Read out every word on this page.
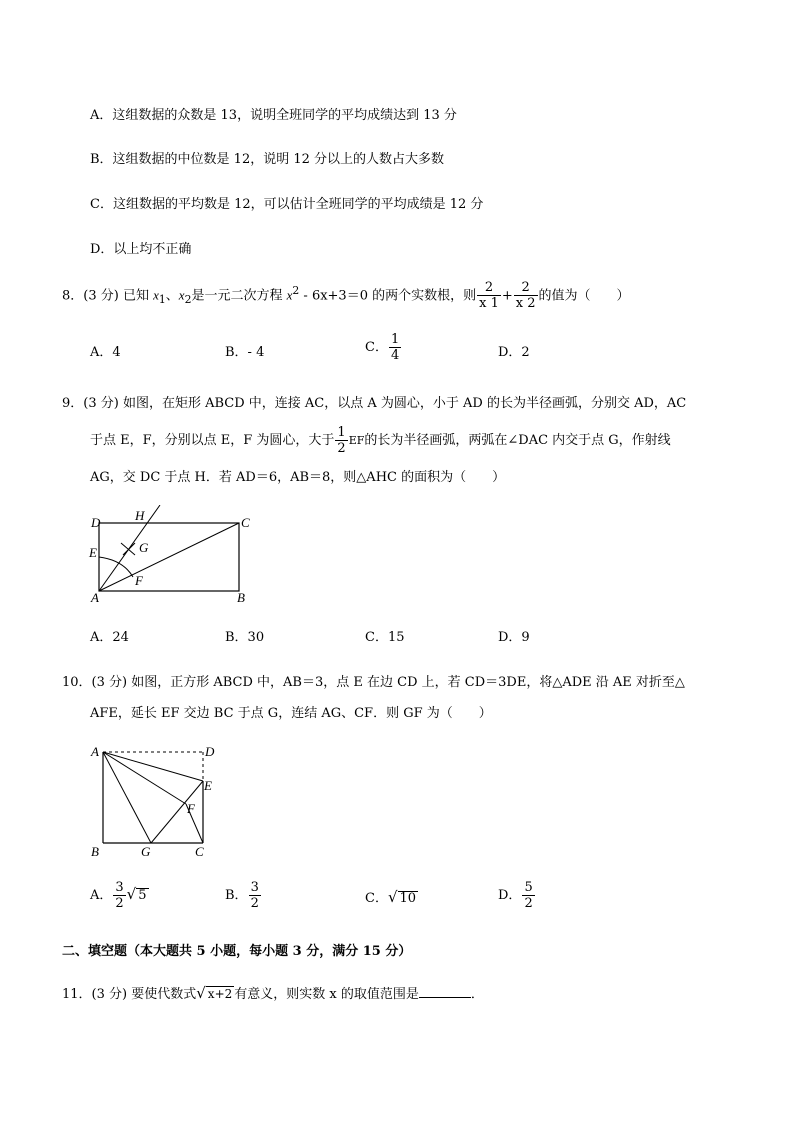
A．这组数据的众数是 13，说明全班同学的平均成绩达到 13 分
B．这组数据的中位数是 12，说明 12 分以上的人数占大多数
C．这组数据的平均数是 12，可以估计全班同学的平均成绩是 12 分
D．以上均不正确
8．(3 分) 已知 $x_1$、$x_2$是一元二次方程 $x^2 - 6x+3=0$ 的两个实数根，则 $\frac{2}{x 1} + \frac{2}{x 2}$ 的值为（　　）
A．4	B．- 4	C． $\frac{1}{4}$	D．2
9．(3 分) 如图，在矩形 ABCD 中，连接 AC，以点 A 为圆心，小于 AD 的长为半径画弧，分别交 AD，AC
于点 E，F，分别以点 E，F 为圆心，大于 $\frac{1}{2}$ EF的长为半径画弧，两弧在∠DAC 内交于点 G，作射线
AG，交 DC 于点 H．若 AD＝6，AB＝8，则△AHC 的面积为（　　）
D	H	C
E	G
F
A	B
A．24	B．30	C．15	D．9
10．(3 分) 如图，正方形 ABCD 中，AB＝3，点 E 在边 CD 上，若 CD＝3DE，将△ADE 沿 AE 对折至△
AFE，延长 EF 交边 BC 于点 G，连结 AG、CF．则 GF 为（　　）
A	D
E
F
B	G	C
A． $\frac{3}{2}$ √ 5	B． $\frac{3}{2}$	C．√ 10	D． $\frac{5}{2}$
二、填空题（本大题共 5 小题，每小题 3 分，满分 15 分）
11．(3 分) 要使代数式√ x+2 有意义，则实数 x 的取值范围是	．
